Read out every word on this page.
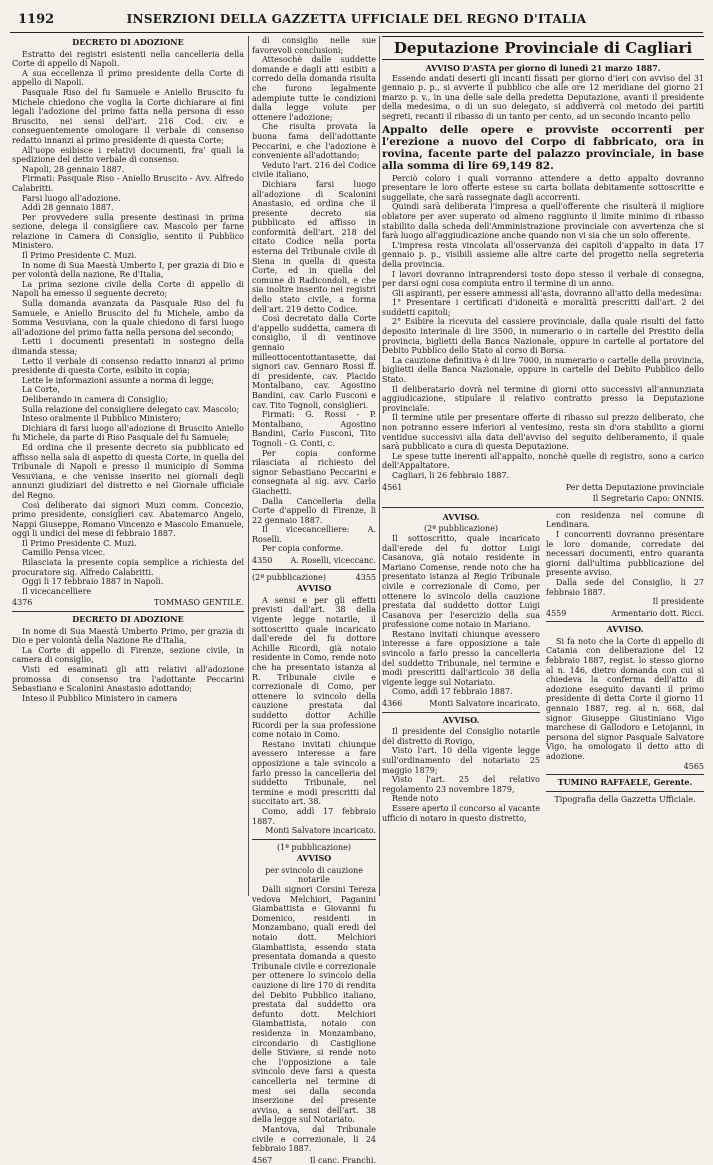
1192	INSERZIONI DELLA GAZZETTA UFFICIALE DEL REGNO D'ITALIA
DECRETO DI ADOZIONE

Estratto dei registri esistenti nella cancelleria della Corte di appello di Napoli.

A sua eccellenza il primo presidente della Corte di appello di Napoli.

Pasquale Riso del fu Samuele e Aniello Bruscito fu Michele chiedono che voglia la Corte dichiarare ai fini legali l'adozione del primo fatta nella persona di esso Bruscito, nei sensi dell'art. 216 Cod. civ. e conseguentemente omologare il verbale di consenso redatto innanzi al primo presidente di questa Corte;

All'uopo esibisce i relativi documenti, fra' quali la spedizione del detto verbale di consenso.

Napoli, 28 gennaio 1887.

Firmati: Pasquale Riso - Aniello Bruscito - Avv. Alfredo Calabritti.

Farsi luogo all'adozione.

Addì 28 gennaio 1887.

Per provvedere sulla presente destinasi in prima sezione, delega il consigliere cav. Mascolo per farne relazione in Camera di Consiglio, sentito il Pubblico Ministero.

Il Primo Presidente C. Muzi.

In nome di Sua Maestà Umberto I, per grazia di Dio e per volontà della nazione, Re d'Italia,

La prima sezione civile della Corte di appello di Napoli ha emesso il seguente decreto;

Sulla domanda avanzata da Pasquale Riso del fu Samuele, e Aniello Bruscito del fu Michele, ambo da Somma Vesuviana, con la quale chiedono di farsi luogo all'adozione del primo fatta nella persona del secondo;

Letti i documenti presentati in sostegno della dimanda stessa;

Letto il verbale di consenso redatto innanzi al primo presidente di questa Corte, esibito in copia;

Lette le informazioni assunte a norma di legge;

La Corte,

Deliberando in camera di Consiglio;

Sulla relazione del consigliere delegato cav. Mascolo;

Inteso oralmente il Pubblico Ministero;

Dichiara di farsi luogo all'adozione di Bruscito Aniello fu Michele, da parte di Riso Pasquale del fu Samuele;

Ed ordina che il presente decreto sia pubblicato ed affisso nella sala di aspetto di questa Corte, in quella del Tribunale di Napoli e presso il municipio di Somma Vesuviana, e che venisse inserito nei giornali degli annunzi giudiziari del distretto e nel Giornale ufficiale del Regno.

Così deliberato dai signori Muzi comm. Concezio, primo presidente, consiglieri cav. Abatemarco Angelo, Nappi Giuseppe, Romano Vincenzo e Mascolo Emanuele, oggi li undici del mese di febbraio 1887.

Il Primo Presidente C. Muzi.

Camillo Pensa vicec.

Rilasciata la presente copia semplice a richiesta del procuratore sig. Alfredo Calabritti.

Oggi li 17 febbraio 1887 in Napoli.

Il vicecancelliere

4376	TOMMASO GENTILE.
DECRETO DI ADOZIONE

In nome di Sua Maestà Umberto Primo, per grazia di Dio e per volontà della Nazione Re d'Italia,

La Corte di appello di Firenze, sezione civile, in camera di consiglio,

Visti ed esaminati gli atti relativi all'adozione promossa di consenso tra l'adottante Peccarini Sebastiano e Scalonini Anastasio adottando;

Inteso il Pubblico Ministero in camera

di consiglio nelle sue favorevoli conclusioni;

Attesochè dalle suddette domande e dagli atti esibiti a corredo della domanda risulta che furono legalmente adempiute tutte le condizioni dalla legge volute per ottenere l'adozione;

Che risulta provata la buona fama dell'adottante Peccarini, e che l'adozione è conveniente all'adottando;

Veduto l'art. 216 del Codice civile italiano,

Dichiara farsi luogo all'adozione di Scalonini Anastasio, ed ordina che il presente decreto sia pubblicato ed affisso in conformità dell'art. 218 del citato Codice nella porta esterna del Tribunale civile di Siena in quella di questa Corte, ed in quella del comune di Radicondoli, e che sia inoltre inserito nei registri dello stato civile, a forma dell'art. 219 detto Codice.

Così decretato dalla Corte d'appello suddetta, camera di consiglio, il di ventinove gennaio milleottocentottantasette, dai signori cav. Gennaro Rossi ff. di presidente, cav. Placido Montalbano, cav. Agostino Bandini, cav. Carlo Fusconi e cav. Tito Tognoli, consiglieri.

Firmati: G. Rossi - P. Montalbano, Agostino Bandini, Carlo Fusconi, Tito Tognoli - G. Conti, c.

Per copia conforme rilasciata al richiesto del signor Sebastiano Peccarini e consegnata al sig. avv. Carlo Giachetti.

Dalla Cancelleria della Corte d'appello di Firenze, li 22 gennaio 1887.

Il vicecancelliere: A. Roselli.

Per copia conforme.

4350 A. Roselli, viceccanc.
(2ª pubblicazione)	4355
AVVISO

A sensi e per gli effetti previsti dall'art. 38 della vigente legge notarile, il sottoscritto quale incaricato dall'erede del fu dottore Achille Ricordi, già notaio residente in Como, rende noto che ha presentato istanza al R. Tribunale civile e correzionale di Como, per ottenere lo svincolo della cauzione prestata dal suddetto dottor Achille Ricordi per la sua professione come notaio in Como.

Restano invitati chiunque avessero interesse a fare opposizione a tale svincolo a farlo presso la cancelleria del suddetto Tribunale, nel termine e modi prescritti dal succitato art. 38.

Como, addì 17 febbraio 1887.

Monti Salvatore incaricato.
(1ª pubblicazione)
AVVISO
per svincolo di cauzione notarile

Dalli signori Corsini Tereza vedova Melchiori, Paganini Giambattista e Giovanni fu Domenico, residenti in Monzambano, quali eredi del notaio dott. Melchiori Giambattista, essendo stata presentata domanda a questo Tribunale civile e correzionale per ottenere lo svincolo della cauzione di lire 170 di rendita del Debito Pubblico italiano, prestata dal suddetto ora defunto dott. Melchiori Giambattista, notaio con residenza in Monzambano, circondario di Castiglione delle Stiviere, si rende noto che l'opposizione a tale svincolo deve farsi a questa cancelleria nel termine di mesi sei dalla seconda inserzione del presente avviso, a sensi dell'art. 38 della legge sul Notariato.

Mantova, dal Tribunale civile e correzionale, li 24 febbraio 1887.

4567	Il canc. Franchi.
Deputazione Provinciale di Cagliari
AVVISO D'ASTA per giorno di lunedì 21 marzo 1887.

Essendo andati deserti gli incanti fissati per giorno d'ieri con avviso del 31 gennaio p. p., si avverte il pubblico che alle ore 12 meridiane del giorno 21 marzo p. v., in una delle sale della predetta Deputazione, avanti il presidente della medesima, o di un suo delegato, si addiverrà col metodo dei partiti segreti, recanti il ribasso di un tanto per cento, ad un secondo incanto pello

Appalto delle opere e provviste occorrenti per l'erezione a nuovo del Corpo di fabbricato, ora in rovina, facente parte del palazzo provinciale, in base alla somma di lire 69,149 82.

Perciò coloro i quali vorranno attendere a detto appalto dovranno presentare le loro offerte estese su carta bollata debitamente sottoscritte e suggellate, che sarà rassegnate dagli accorrenti.

Quindi sarà deliberata l'impresa a quell'offerente che risulterà il migliore oblatore per aver superato od almeno raggiunto il limite minimo di ribasso stabilito dalla scheda dell'Amministrazione provinciale con avvertenza che si farà luogo all'aggiudicazione anche quando non vi sia che un solo offerente.

L'impresa resta vincolata all'osservanza dei capitoli d'appalto in data 17 gennaio p. p., visibili assieme alle altre carte del progetto nella segreteria della provincia.

I lavori dovranno intraprendersi tosto dopo stesso il verbale di consegna, per darsi ogni cosa compiuta entro il termine di un anno.

Gli aspiranti, per essere ammessi all'asta, dovranno all'atto della medesima:

1° Presentare i certificati d'idoneità e moralità prescritti dall'art. 2 dei suddetti capitoli;

2° Esibire la ricevuta del cassiere provinciale, dalla quale risulti del fatto deposito interinale di lire 3500, in numerario o in cartelle del Prestito della provincia, biglietti della Banca Nazionale, oppure in cartelle al portatore del Debito Pubblico dello Stato al corso di Borsa.

La cauzione definitiva è di lire 7000, in numerario o cartelle della provincia, biglietti della Banca Nazionale, oppure in cartelle del Debito Pubblico dello Stato.

Il deliberatario dovrà nel termine di giorni otto successivi all'annunziata aggiudicazione, stipulare il relativo contratto presso la Deputazione provinciale.

Il termine utile per presentare offerte di ribasso sul prezzo deliberato, che non potranno essere inferiori al ventesimo, resta sin d'ora stabilito a giorni ventidue successivi alla data dell'avviso del seguito deliberamento, il quale sarà pubblicato a cura di questa Deputazione.

Le spese tutte inerenti all'appalto, nonchè quelle di registro, sono a carico dell'Appaltatore.

Cagliari, li 26 febbraio 1887.

4561	Per detta Deputazione provinciale
Il Segretario Capo: ONNIS.
AVVISO.
(2ª pubblicazione)

Il sottoscritto, quale incaricato dall'erede del fu dottor Luigi Casanova, già notaio residente in Mariano Comense, rende noto che ha presentato istanza al Regio Tribunale civile e correzionale di Como, per ottenere lo svincolo della cauzione prestata dal suddetto dottor Luigi Casanova per l'esercizio della sua professione come notaio in Mariano.

Restano invitati chiunque avessero interesse a fare opposizione a tale svincolo a farlo presso la cancelleria del suddetto Tribunale, nel termine e modi prescritti dall'articolo 38 della vigente legge sul Notariato.

Como, addì 17 febbraio 1887.

4366	Monti Salvatore incaricato.
AVVISO.

Il presidente del Consiglio notarile del distretto di Rovigo,

Visto l'art. 10 della vigente legge sull'ordinamento del notariato 25 maggio 1879;

Visto l'art. 25 del relativo regolamento 23 novembre 1879,

Rende noto

Essere aperto il concorso al vacante ufficio di notaro in questo distretto,

con residenza nel comune di Lendinara.

I concorrenti dovranno presentare le loro domande, corredate dei necessari documenti, entro quaranta giorni dall'ultima pubblicazione del presente avviso.

Dalla sede del Consiglio, li 27 febbraio 1887.

Il presidente
4559	Armentario dott. Ricci.
AVVISO.

Si fa noto che la Corte di appello di Catania con deliberazione del 12 febbraio 1887, regist. lo stesso giorno al n. 146, dietro domanda con cui si chiedeva la conferma dell'atto di adozione eseguito davanti il primo presidente di detta Corte il giorno 11 gennaio 1887, reg. al n. 668, dal signor Giuseppe Giustiniano Vigo marchese di Gallodoro e Letojanni, in persona del signor Pasquale Salvatore Vigo, ha omologato il detto atto di adozione.

4565
TUMINO RAFFAELE, Gerente.
Tipografia della Gazzetta Ufficiale.
